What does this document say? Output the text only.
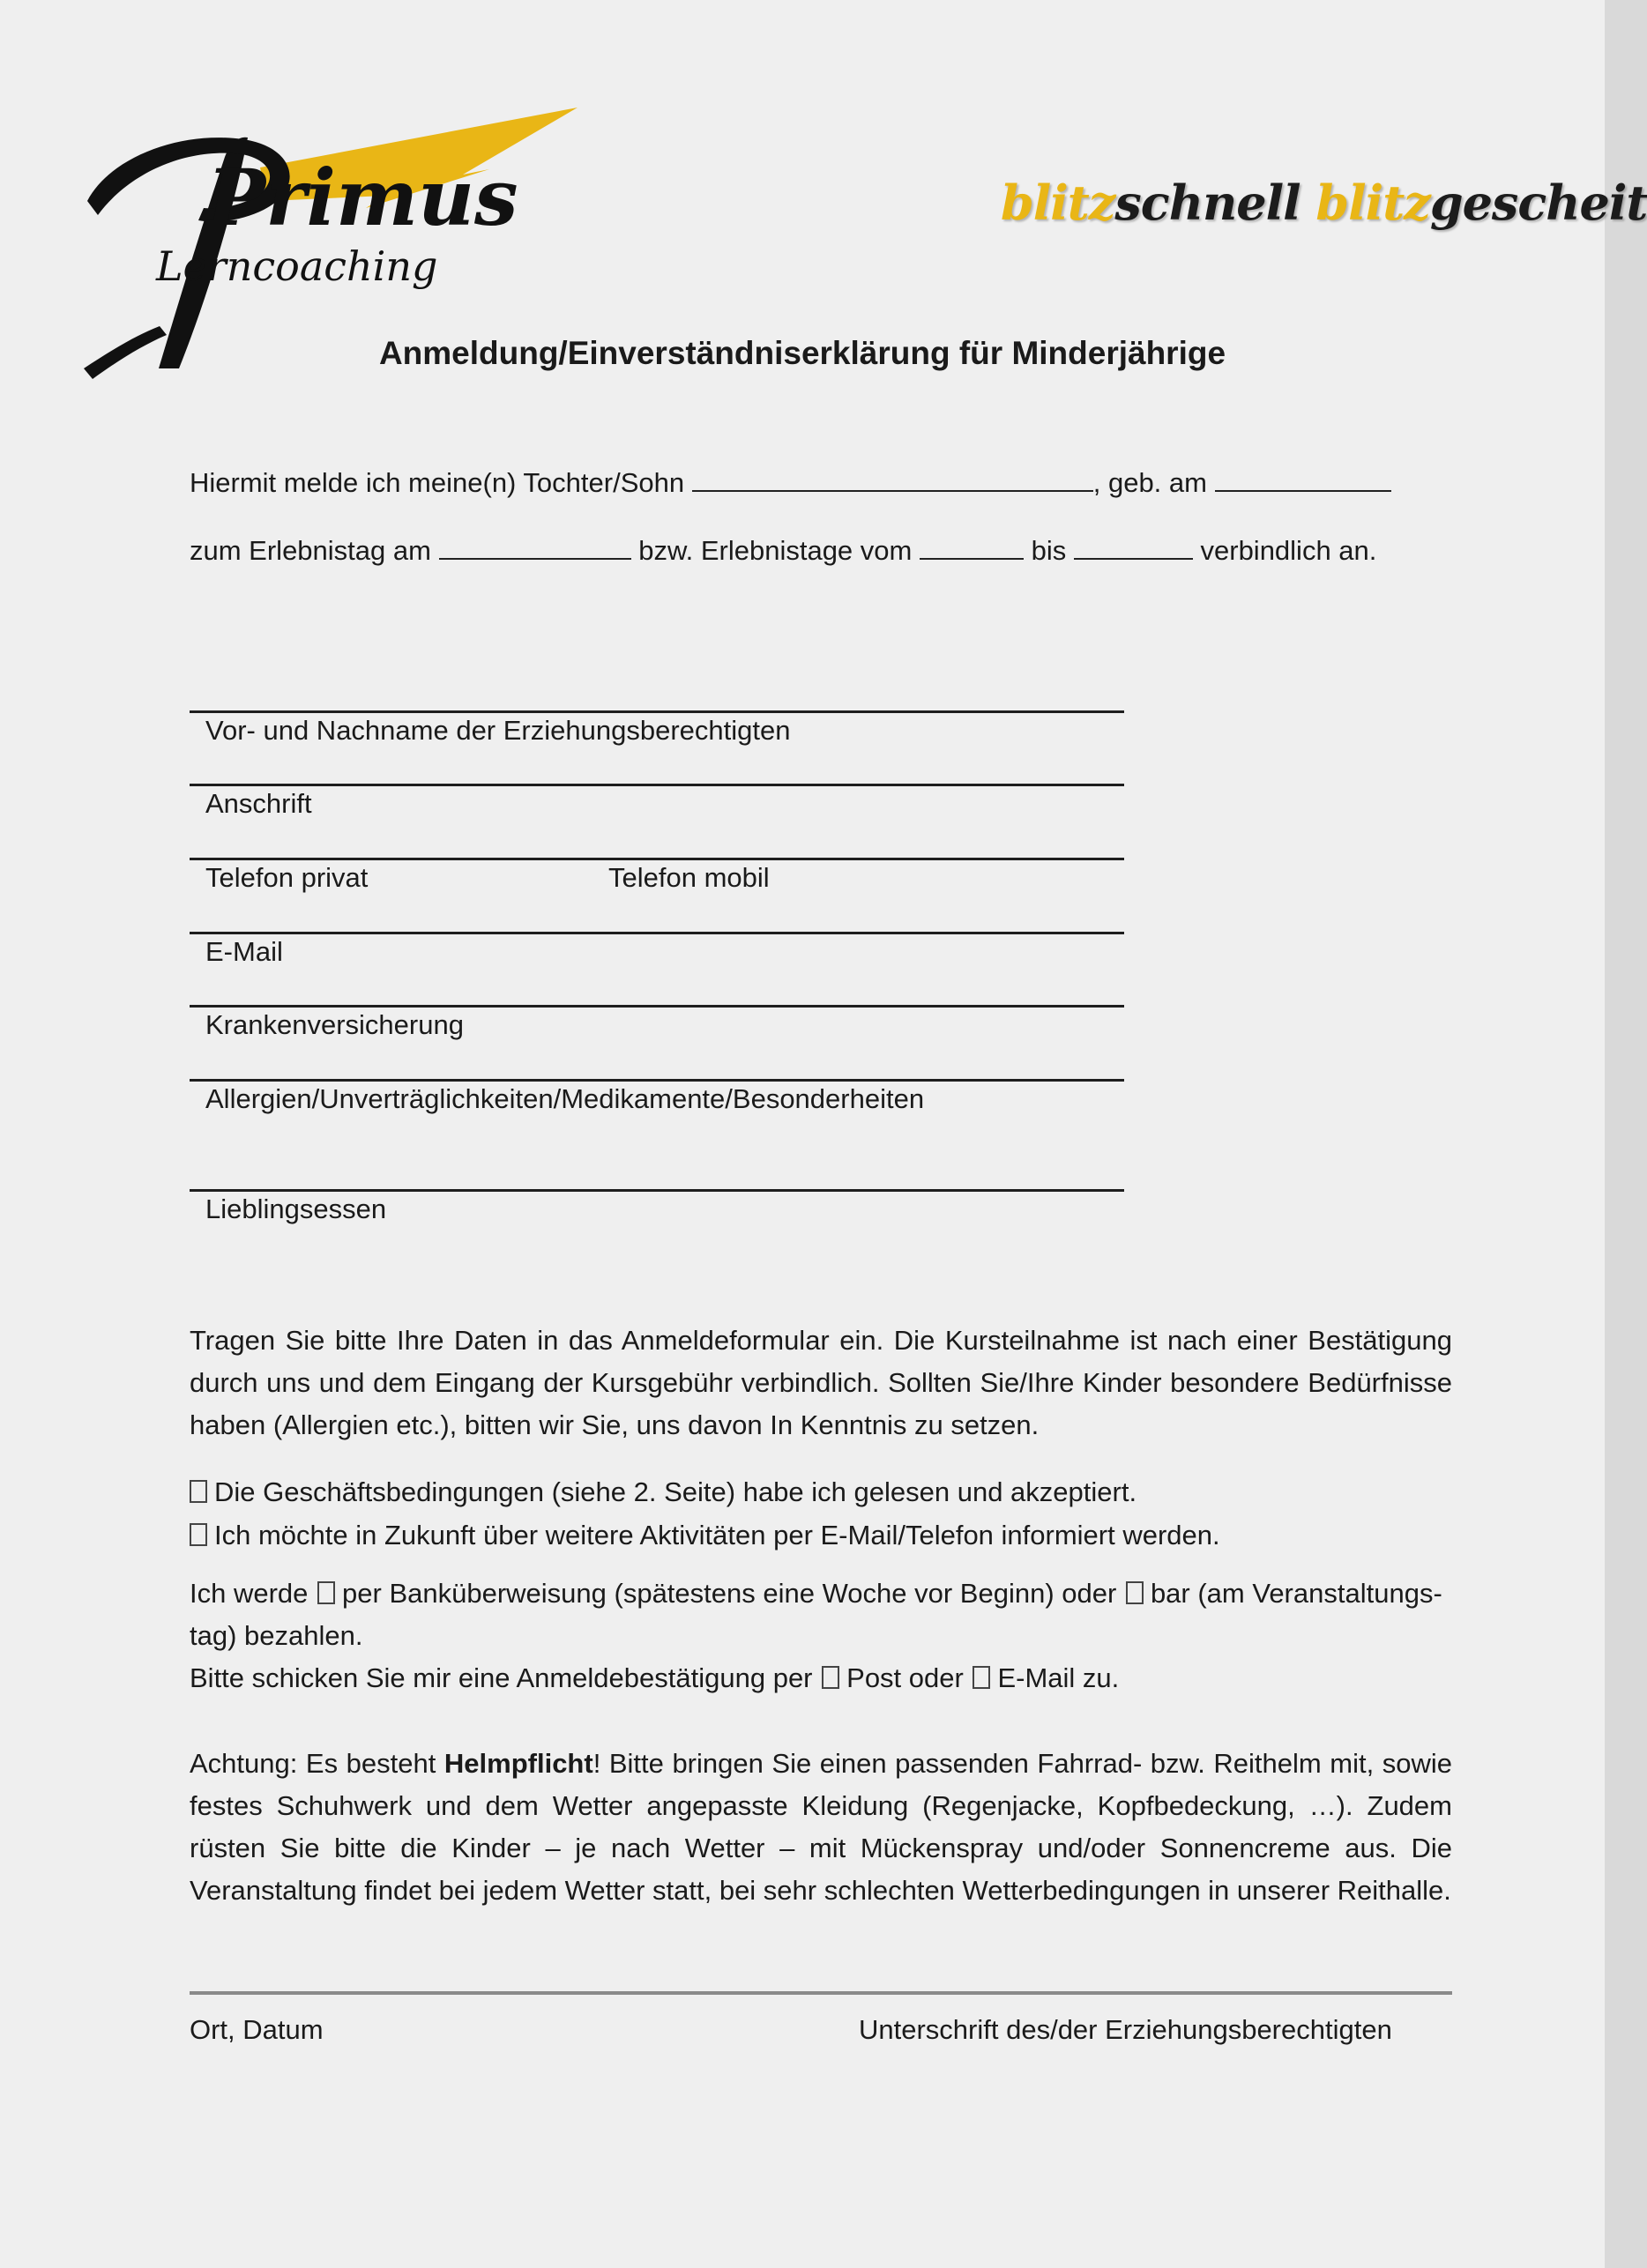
Primus
Lerncoaching
blitzschnell blitzgescheit
Anmeldung/Einverständniserklärung für Minderjährige
Hiermit melde ich meine(n) Tochter/Sohn	, geb. am
zum Erlebnistag am	bzw. Erlebnistage vom	bis	verbindlich an.
Vor- und Nachname der Erziehungsberechtigten
Anschrift
Telefon privat	Telefon mobil
E-Mail
Krankenversicherung
Allergien/Unverträglichkeiten/Medikamente/Besonderheiten
Lieblingsessen

Tragen Sie bitte Ihre Daten in das Anmeldeformular ein. Die Kursteilnahme ist nach einer Bestätigung durch uns und dem Eingang der Kursgebühr verbindlich. Sollten Sie/Ihre Kinder besondere Bedürfnisse haben (Allergien etc.), bitten wir Sie, uns davon In Kenntnis zu setzen.

Die Geschäftsbedingungen (siehe 2. Seite) habe ich gelesen und akzeptiert.
Ich möchte in Zukunft über weitere Aktivitäten per E-Mail/Telefon informiert werden.
Ich werde per Banküberweisung (spätestens eine Woche vor Beginn) oder bar (am Veranstaltungs-
tag) bezahlen.
Bitte schicken Sie mir eine Anmeldebestätigung per Post oder E-Mail zu.

Achtung: Es besteht Helmpflicht! Bitte bringen Sie einen passenden Fahrrad- bzw. Reithelm mit, sowie festes Schuhwerk und dem Wetter angepasste Kleidung (Regenjacke, Kopfbedeckung, …). Zudem rüsten Sie bitte die Kinder – je nach Wetter – mit Mückenspray und/oder Sonnencreme aus. Die Veranstaltung findet bei jedem Wetter statt, bei sehr schlechten Wetterbedingungen in unserer Reithalle.

Ort, Datum	Unterschrift des/der Erziehungsberechtigten
